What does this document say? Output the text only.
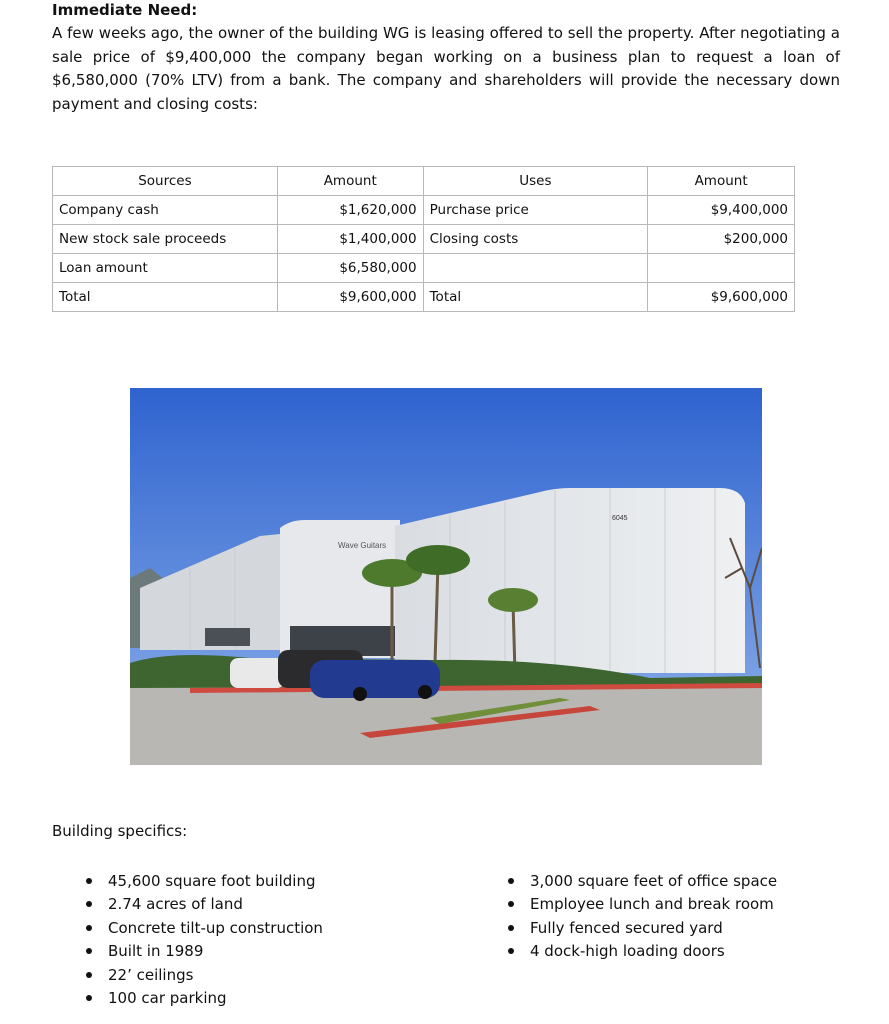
Immediate Need:
A few weeks ago, the owner of the building WG is leasing offered to sell the property. After negotiating a sale price of $9,400,000 the company began working on a business plan to request a loan of $6,580,000 (70% LTV) from a bank. The company and shareholders will provide the necessary down payment and closing costs:
Sources	Amount	Uses	Amount
Company cash	$1,620,000	Purchase price	$9,400,000
New stock sale proceeds	$1,400,000	Closing costs	$200,000
Loan amount	$6,580,000		
Total	$9,600,000	Total	$9,600,000
Wave Guitars
6045
Building specifics:
45,600 square foot building
2.74 acres of land
Concrete tilt-up construction
Built in 1989
22’ ceilings
100 car parking
3,000 square feet of office space
Employee lunch and break room
Fully fenced secured yard
4 dock-high loading doors
